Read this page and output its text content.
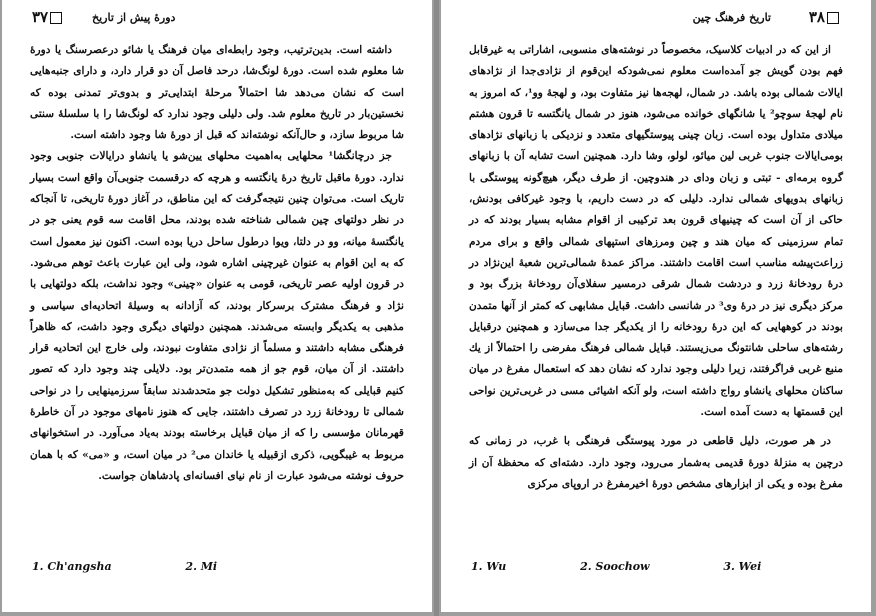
۳۷	دورهٔ پیش از تاریخ

داشته است. بدین‌ترتیب، وجود رابطه‌ای میان فرهنگ یا شائو درعصرسنگ یا دورهٔ شا معلوم شده است. دورهٔ لونگ‌شا، درحد فاصل آن دو قرار دارد، و دارای جنبه‌هایی است که نشان می‌دهد شا احتمالاً مرحلهٔ ابتدایی‌تر و بدوی‌تر تمدنی بوده که نخستین‌بار در تاریخ معلوم شد. ولی دلیلی وجود ندارد که لونگ‌شا را با سلسلهٔ سنتی شا مربوط سازد، و حال‌آنکه نوشته‌اند که قبل از دورهٔ شا وجود داشته است.

جز درچانگشا¹ محلهایی به‌اهمیت محلهای یین‌شو یا یانشاو درایالات جنوبی وجود ندارد. دورهٔ ماقبل تاریخ درهٔ یانگتسه و هرچه که درقسمت جنوبی‌آن واقع است بسیار تاریک است. می‌توان چنین نتیجه‌گرفت که این مناطق، در آغاز دورهٔ تاریخی، تا آنجاکه در نظر دولتهای چین شمالی شناخته شده بودند، محل اقامت سه قوم یعنی جو در یانگتسهٔ میانه، وو در دلتا، ویوا درطول ساحل دریا بوده است. اکنون نیز معمول است که به این اقوام به عنوان غیرچینی اشاره شود، ولی این عبارت باعث توهم می‌شود. در قرون اولیه عصر تاریخی، قومی به عنوان «چینی» وجود نداشت، بلکه دولتهایی با نژاد و فرهنگ مشترک برسرکار بودند، که آزادانه به وسیلهٔ اتحادیه‌ای سیاسی و مذهبی به یکدیگر وابسته می‌شدند. همچنین دولتهای دیگری وجود داشت، که ظاهراً فرهنگی مشابه داشتند و مسلماً از نژادی متفاوت نبودند، ولی خارج این اتحادیه قرار داشتند. از آن میان، قوم جو از همه متمدن‌تر بود. دلایلی چند وجود دارد که تصور کنیم قبایلی که به‌منظور تشکیل دولت جو متحدشدند سابقاً سرزمینهایی را در نواحی شمالی تا رودخانهٔ زرد در تصرف داشتند، جایی که هنوز نامهای موجود در آن خاطرهٔ قهرمانان مؤسسی را که از میان قبایل برخاسته بودند به‌یاد می‌آورد. در استخوانهای مربوط به غیبگویی، ذکری ازقبیله یا خاندان می² در میان است، و «می» که با همان حروف نوشته می‌شود عبارت از نام نیای افسانه‌ای پادشاهان جواست.

1. Ch'angsha	2. Mi
تاریخ فرهنگ چین	۳۸

از این که در ادبیات کلاسیک، مخصوصاً در نوشته‌های منسوبی، اشاراتی به غیرقابل فهم بودن گویش جو آمده‌است معلوم نمی‌شودکه این‌قوم از نژادی‌جدا از نژادهای ایالات شمالی بوده باشد. در شمال، لهجه‌ها نیز متفاوت بود، و لهجهٔ وو¹، که امروز به نام لهجهٔ سوچو² یا شانگهای خوانده می‌شود، هنوز در شمال یانگتسه تا قرون هشتم میلادی متداول بوده است. زبان چینی پیوستگیهای متعدد و نزدیکی با زبانهای نژادهای بومی‌ایالات جنوب غربی لین میائو، لولو، وشا دارد. همچنین است تشابه آن با زبانهای گروه برمه‌ای - تبتی و زبان ودای در هندوچین. از طرف دیگر، هیچ‌گونه پیوستگی با زبانهای بدویهای شمالی ندارد. دلیلی که در دست داریم، با وجود غیرکافی بودنش، حاکی از آن است که چینیهای قرون بعد ترکیبی از اقوام مشابه بسیار بودند که در تمام سرزمینی که میان هند و چین ومرزهای استپهای شمالی واقع و برای مردم زراعت‌پیشه مناسب است اقامت داشتند. مراکز عمدهٔ شمالی‌ترین شعبهٔ این‌نژاد در درهٔ رودخانهٔ زرد و دردشت شمال شرقی درمسیر سفلای‌آن رودخانهٔ بزرگ بود و مرکز دیگری نیز در درهٔ وی³ در شانسی داشت. قبایل مشابهی که کمتر از آنها متمدن بودند در کوههایی که این درهٔ رودخانه را از یکدیگر جدا می‌سازد و همچنین درقبایل رشته‌های ساحلی شانتونگ می‌زیستند. قبایل شمالی فرهنگ مفرضی را احتمالاً از یك منبع غربی فراگرفتند، زیرا دلیلی وجود ندارد که نشان دهد که استعمال مفرغ در میان ساکنان محلهای یانشاو رواج داشته است، ولو آنکه اشیائی مسی در غربی‌ترین نواحی این قسمتها به دست آمده است.

در هر صورت، دلیل قاطعی در مورد پیوستگی فرهنگی با غرب، در زمانی که درچین به منزلهٔ دورهٔ قدیمی به‌شمار می‌رود، وجود دارد. دشته‌ای که محفظهٔ آن از مفرغ بوده و یکی از ابزارهای مشخص دورهٔ اخیرمفرغ در اروپای مرکزی

1. Wu	2. Soochow	3. Wei
